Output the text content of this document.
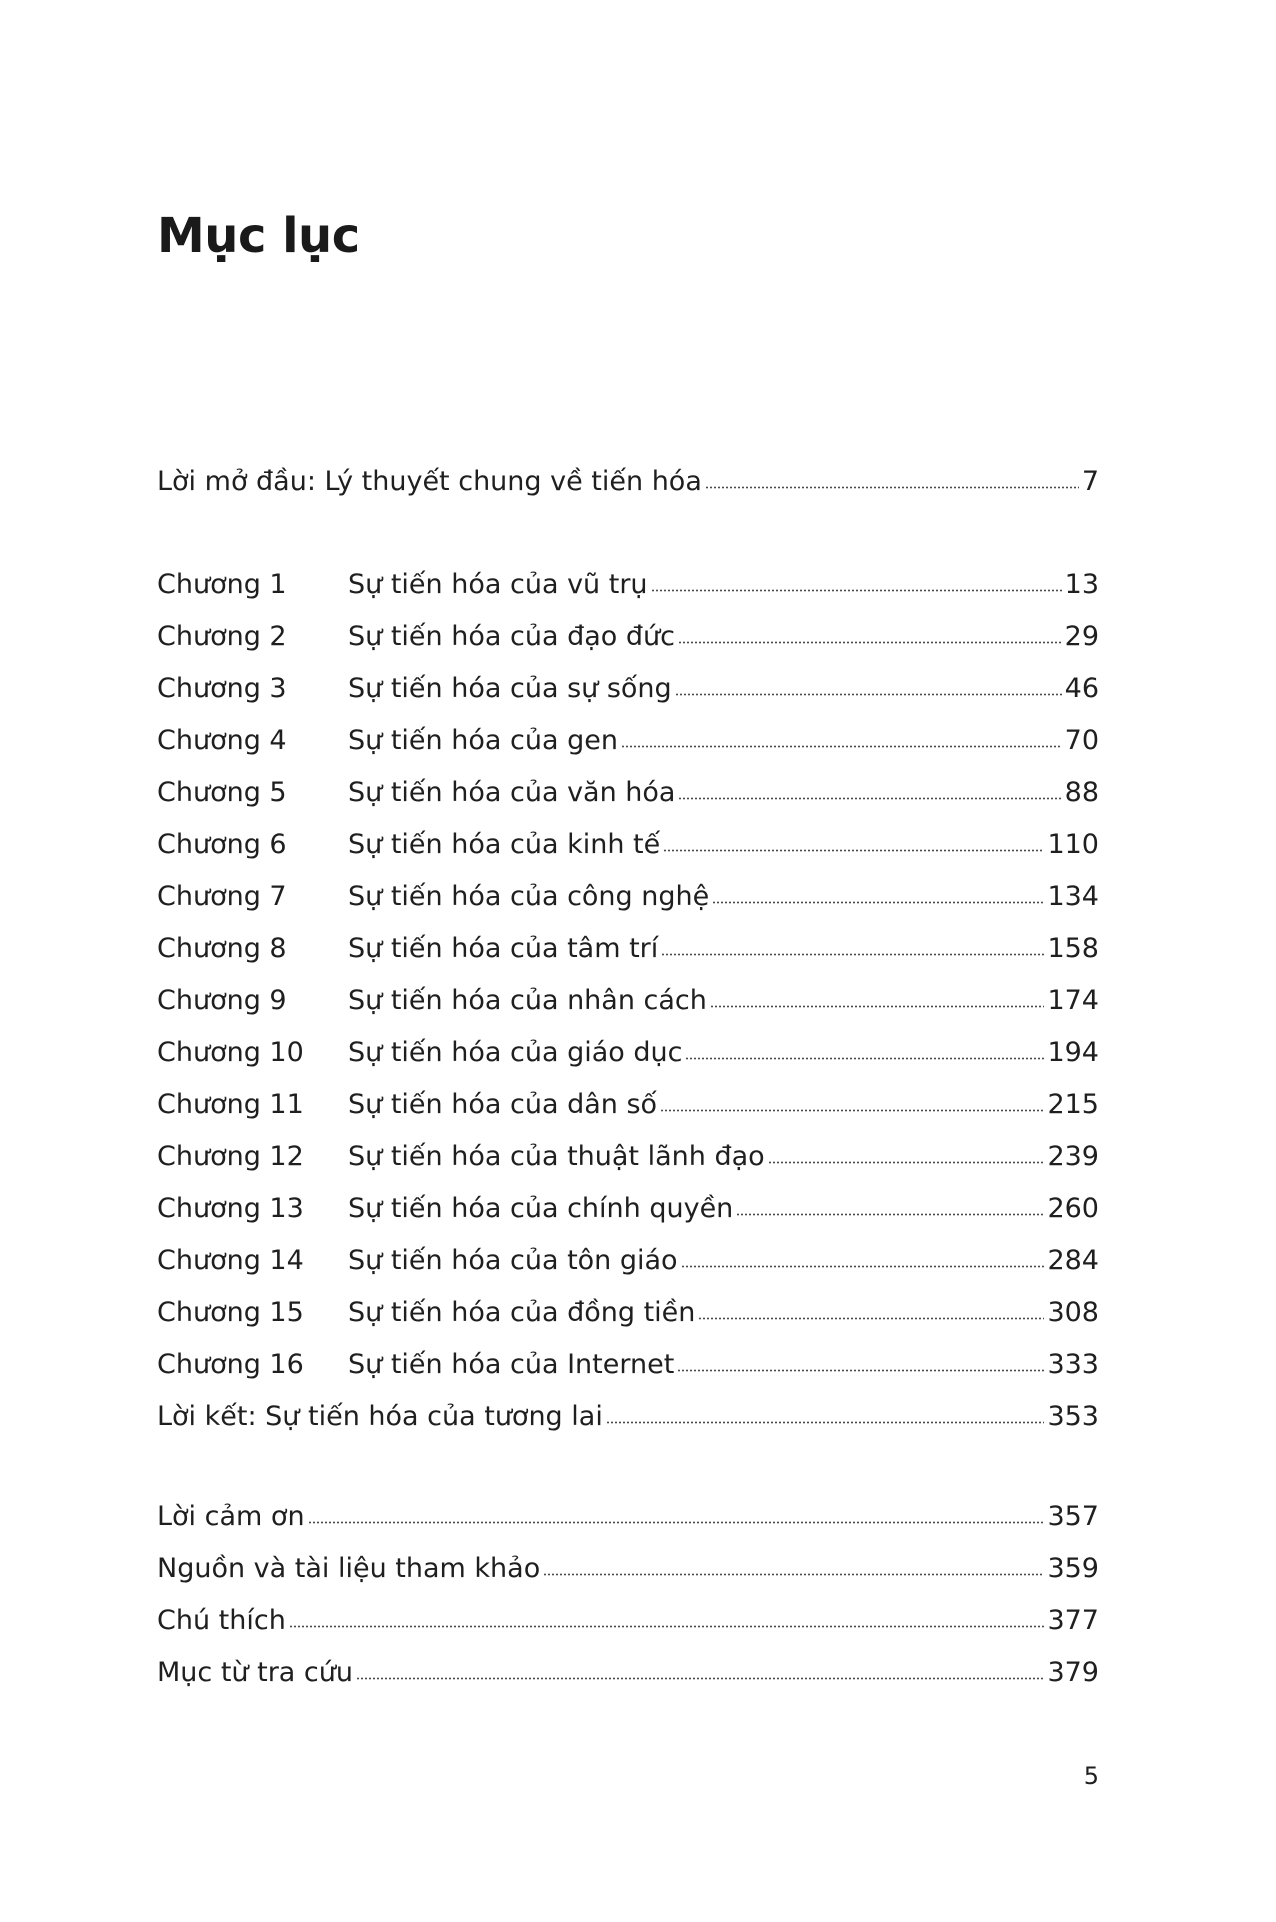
Mục lục
Lời mở đầu: Lý thuyết chung về tiến hóa	7
Chương 1	Sự tiến hóa của vũ trụ	13
Chương 2	Sự tiến hóa của đạo đức	29
Chương 3	Sự tiến hóa của sự sống	46
Chương 4	Sự tiến hóa của gen	70
Chương 5	Sự tiến hóa của văn hóa	88
Chương 6	Sự tiến hóa của kinh tế	110
Chương 7	Sự tiến hóa của công nghệ	134
Chương 8	Sự tiến hóa của tâm trí	158
Chương 9	Sự tiến hóa của nhân cách	174
Chương 10	Sự tiến hóa của giáo dục	194
Chương 11	Sự tiến hóa của dân số	215
Chương 12	Sự tiến hóa của thuật lãnh đạo	239
Chương 13	Sự tiến hóa của chính quyền	260
Chương 14	Sự tiến hóa của tôn giáo	284
Chương 15	Sự tiến hóa của đồng tiền	308
Chương 16	Sự tiến hóa của Internet	333
Lời kết: Sự tiến hóa của tương lai	353
Lời cảm ơn	357
Nguồn và tài liệu tham khảo	359
Chú thích	377
Mục từ tra cứu	379
5
